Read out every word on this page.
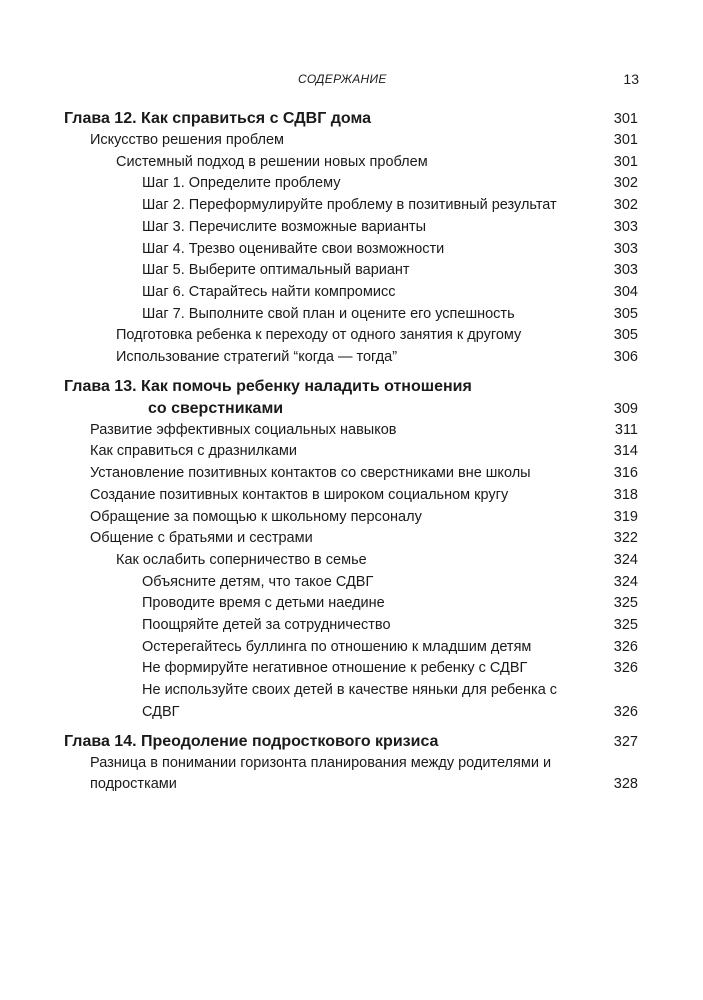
СОДЕРЖАНИЕ	13
Глава 12. Как справиться с СДВГ дома	301
Искусство решения проблем	301
Системный подход в решении новых проблем	301
Шаг 1. Определите проблему	302
Шаг 2. Переформулируйте проблему в позитивный результат	302
Шаг 3. Перечислите возможные варианты	303
Шаг 4. Трезво оценивайте свои возможности	303
Шаг 5. Выберите оптимальный вариант	303
Шаг 6. Старайтесь найти компромисс	304
Шаг 7. Выполните свой план и оцените его успешность	305
Подготовка ребенка к переходу от одного занятия к другому	305
Использование стратегий “когда — тогда”	306
Глава 13. Как помочь ребенку наладить отношения
со сверстниками	309
Развитие эффективных социальных навыков	311
Как справиться с дразнилками	314
Установление позитивных контактов со сверстниками вне школы	316
Создание позитивных контактов в широком социальном кругу	318
Обращение за помощью к школьному персоналу	319
Общение с братьями и сестрами	322
Как ослабить соперничество в семье	324
Объясните детям, что такое СДВГ	324
Проводите время с детьми наедине	325
Поощряйте детей за сотрудничество	325
Остерегайтесь буллинга по отношению к младшим детям	326
Не формируйте негативное отношение к ребенку с СДВГ	326
Не используйте своих детей в качестве няньки для ребенка с СДВГ	326
Глава 14. Преодоление подросткового кризиса	327
Разница в понимании горизонта планирования между родителями и подростками	328
